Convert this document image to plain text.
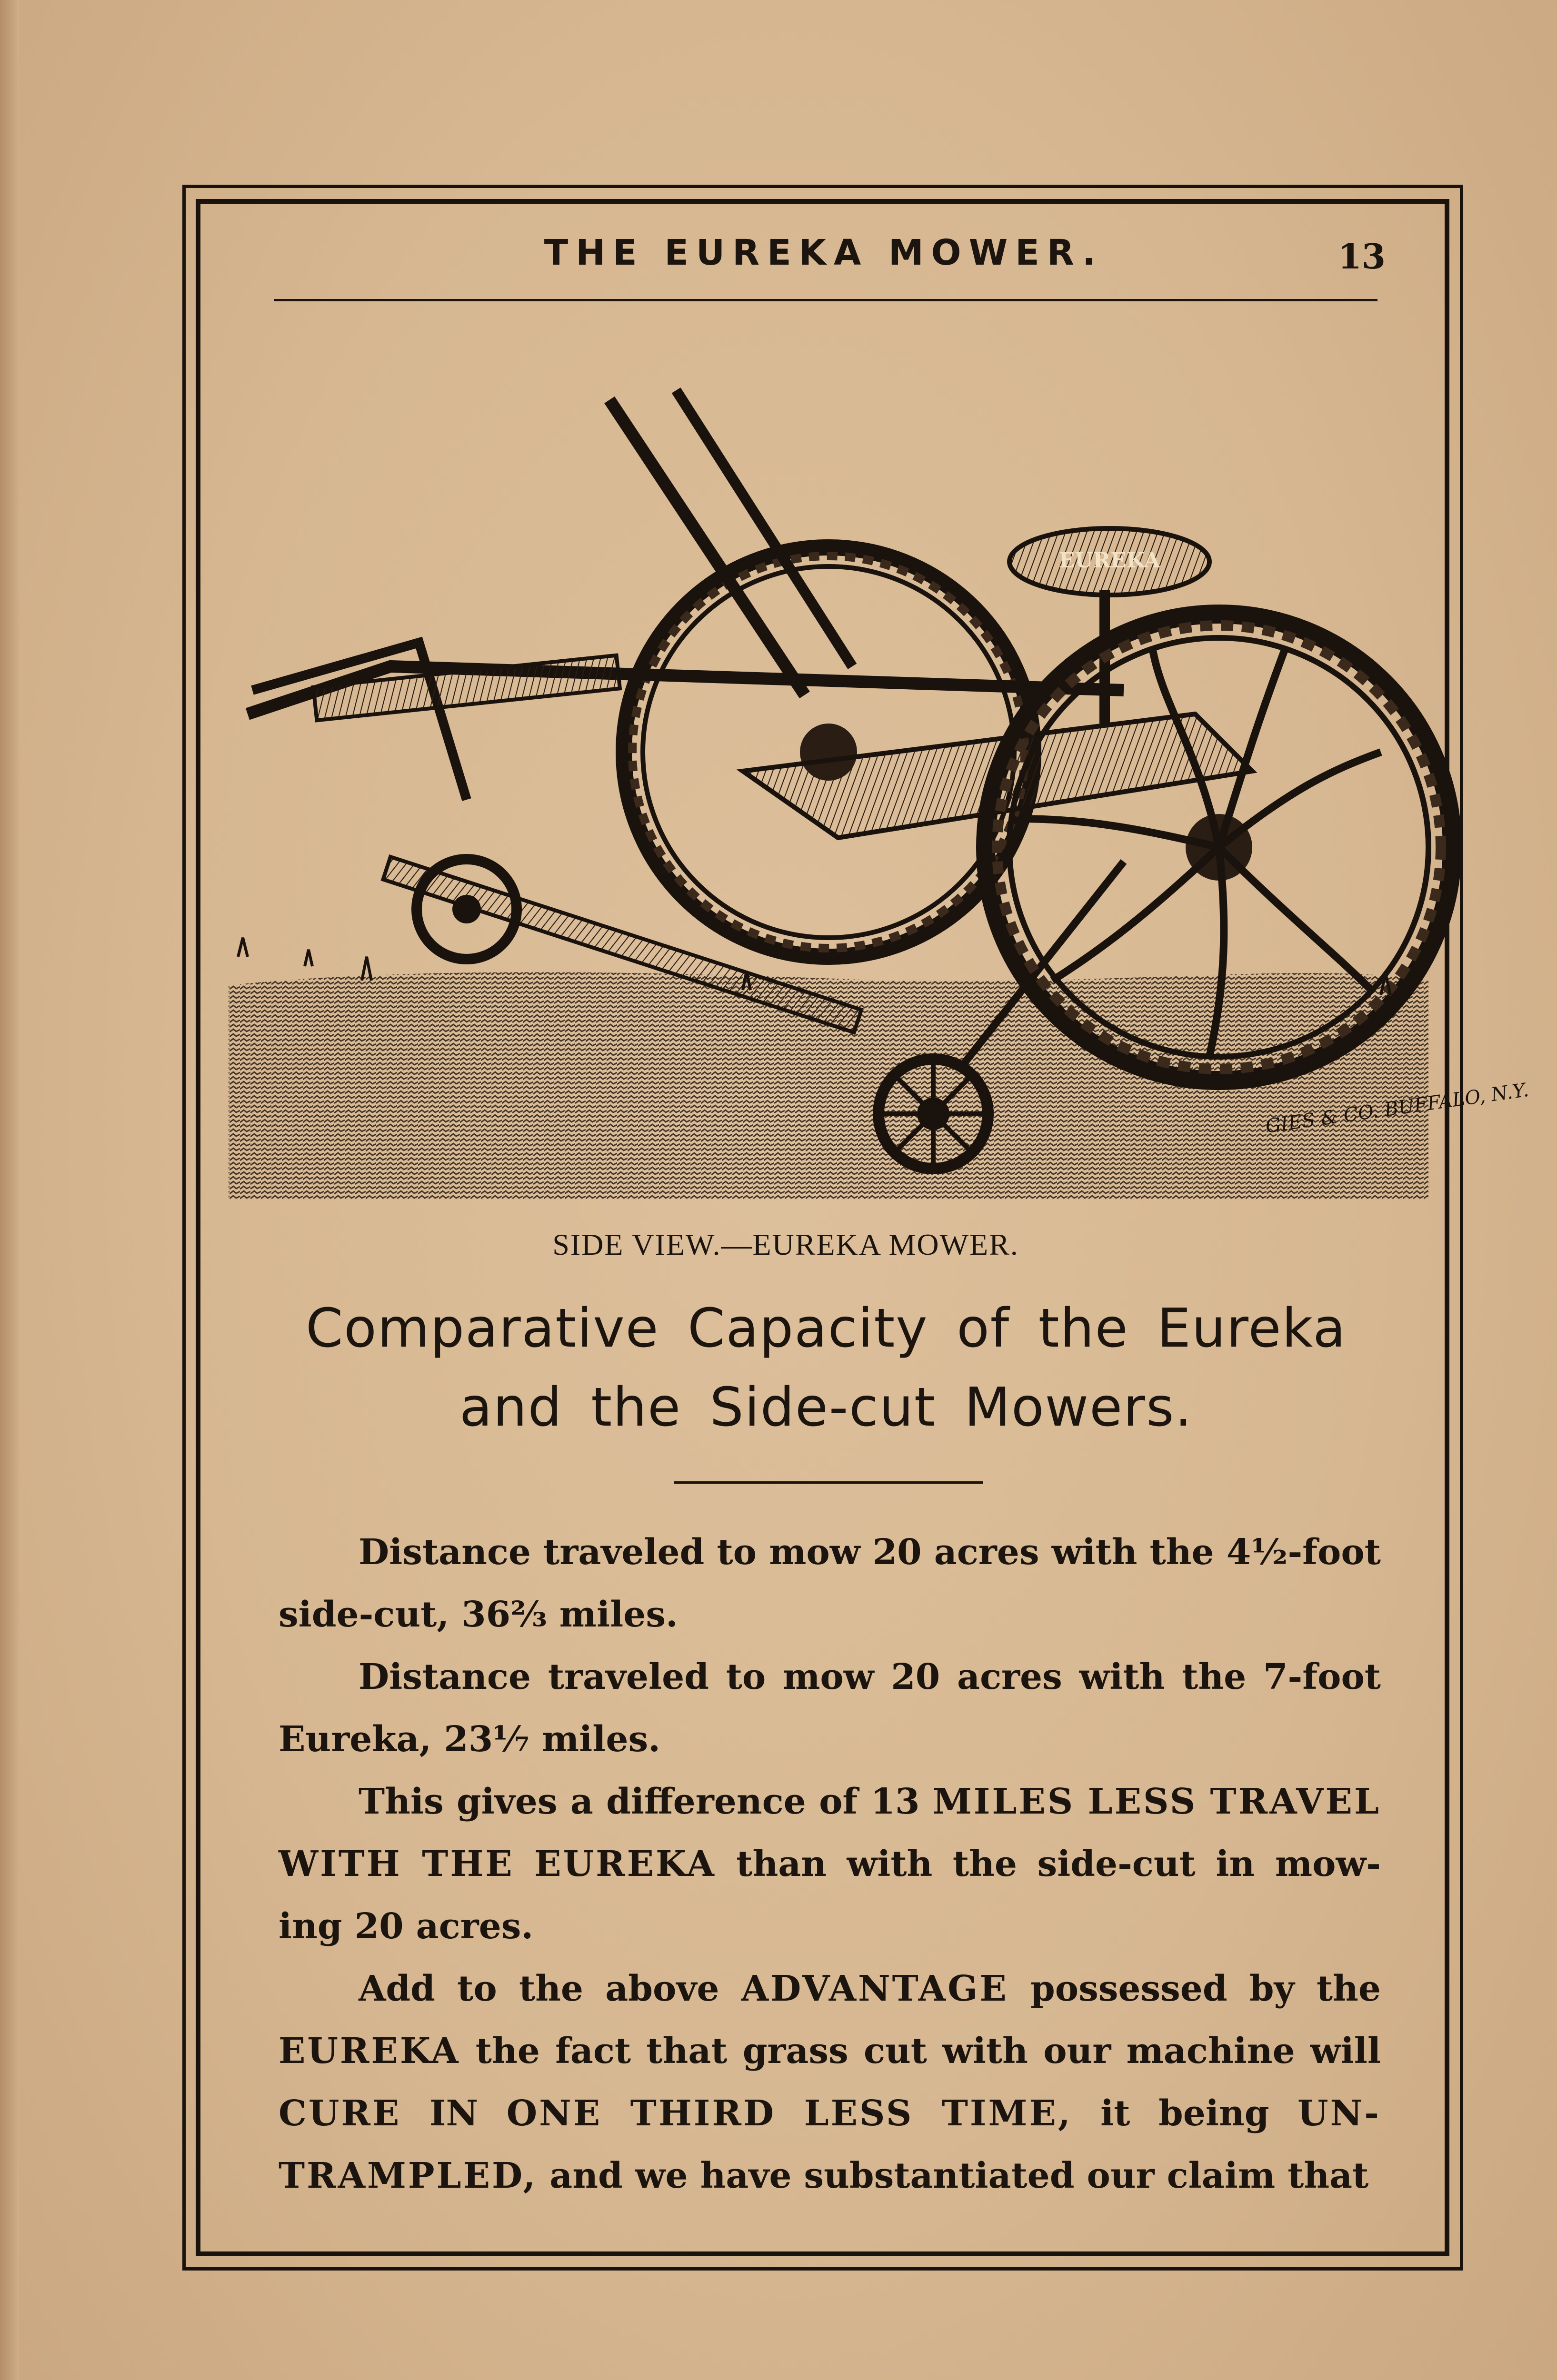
THE EUREKA MOWER.	13
EUREKA
GIES & CO. BUFFALO, N.Y.
SIDE VIEW.—EUREKA MOWER.
Comparative Capacity of the Eureka
and the Side-cut Mowers.
Distance traveled to mow 20 acres with the 4½-foot
side-cut, 36⅔ miles.
Distance traveled to mow 20 acres with the 7-foot
Eureka, 23⅐ miles.
This gives a difference of 13 MILES LESS TRAVEL
WITH THE EUREKA than with the side-cut in mow-
ing 20 acres.
Add to the above ADVANTAGE possessed by the
EUREKA the fact that grass cut with our machine will
CURE IN ONE THIRD LESS TIME, it being UN-
TRAMPLED, and we have substantiated our claim that
